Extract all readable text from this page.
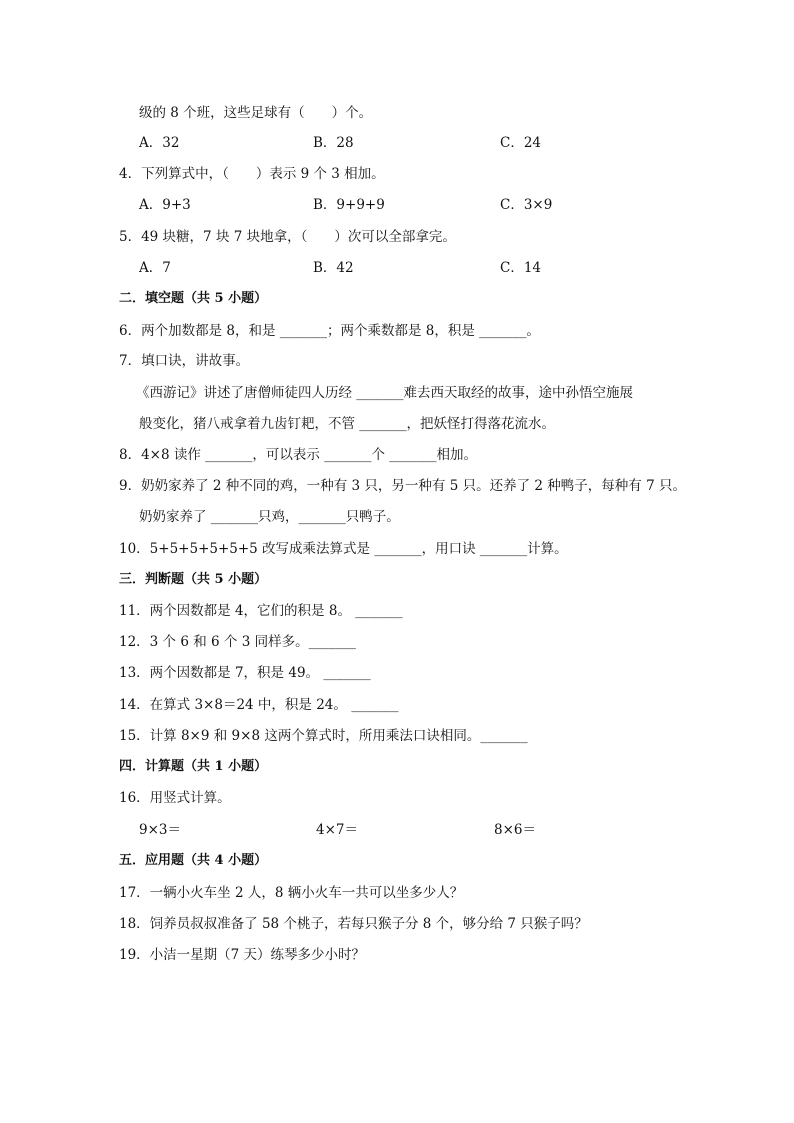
级的 8 个班，这些足球有（　　）个。
A．32	B．28	C．24
4．下列算式中，（　　）表示 9 个 3 相加。
A．9+3	B．9+9+9	C．3×9
5．49 块糖，7 块 7 块地拿，（　　）次可以全部拿完。
A．7	B．42	C．14
二．填空题（共 5 小题）
6．两个加数都是 8，和是 _______；两个乘数都是 8，积是 _______。
7．填口诀，讲故事。
《西游记》讲述了唐僧师徒四人历经 _______难去西天取经的故事，途中孙悟空施展
般变化，猪八戒拿着九齿钉耙，不管 _______，把妖怪打得落花流水。
8．4×8 读作 _______，可以表示 _______个 _______相加。
9．奶奶家养了 2 种不同的鸡，一种有 3 只，另一种有 5 只。还养了 2 种鸭子，每种有 7 只。
奶奶家养了 _______只鸡，_______只鸭子。
10．5+5+5+5+5+5 改写成乘法算式是 _______，用口诀 _______计算。
三．判断题（共 5 小题）
11．两个因数都是 4，它们的积是 8。 _______
12．3 个 6 和 6 个 3 同样多。_______
13．两个因数都是 7，积是 49。 _______
14．在算式 3×8＝24 中，积是 24。 _______
15．计算 8×9 和 9×8 这两个算式时，所用乘法口诀相同。_______
四．计算题（共 1 小题）
16．用竖式计算。
9×3＝	4×7＝	8×6＝
五．应用题（共 4 小题）
17．一辆小火车坐 2 人，8 辆小火车一共可以坐多少人？
18．饲养员叔叔准备了 58 个桃子，若每只猴子分 8 个，够分给 7 只猴子吗？
19．小洁一星期（7 天）练琴多少小时？
